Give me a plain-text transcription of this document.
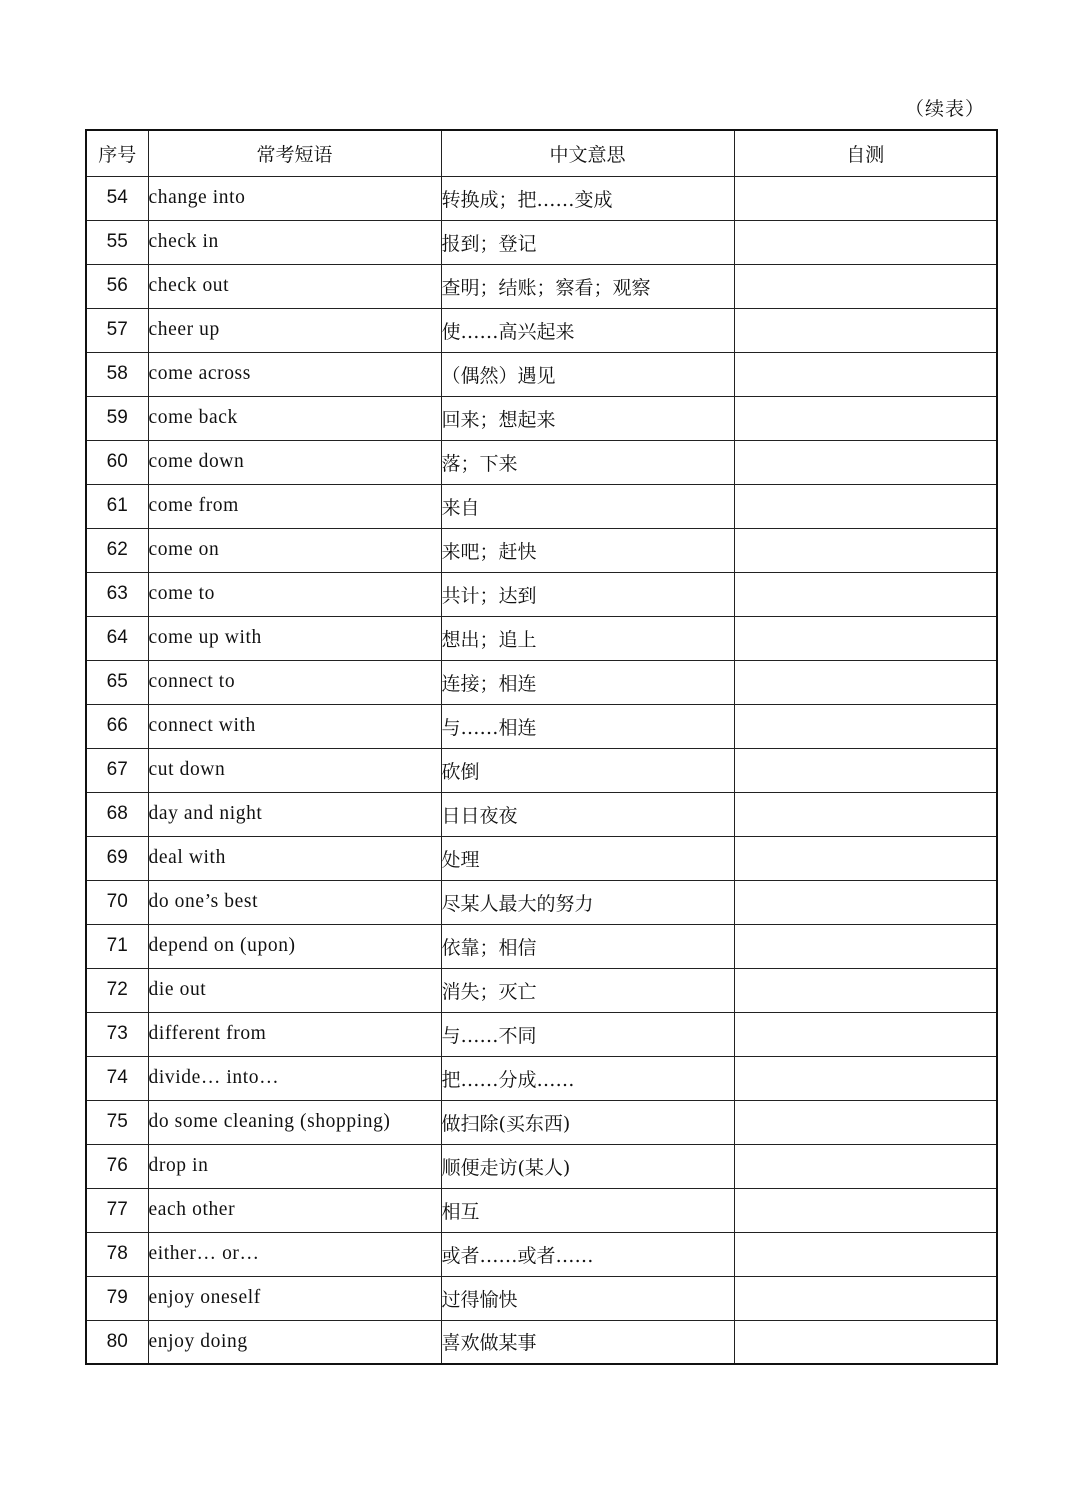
（续表）
序号	常考短语	中文意思	自测
54	change into	转换成；把……变成	
55	check in	报到；登记	
56	check out	查明；结账；察看；观察	
57	cheer up	使……高兴起来	
58	come across	（偶然）遇见	
59	come back	回来；想起来	
60	come down	落；下来	
61	come from	来自	
62	come on	来吧；赶快	
63	come to	共计；达到	
64	come up with	想出；追上	
65	connect to	连接；相连	
66	connect with	与……相连	
67	cut down	砍倒	
68	day and night	日日夜夜	
69	deal with	处理	
70	do one’s best	尽某人最大的努力	
71	depend on (upon)	依靠；相信	
72	die out	消失；灭亡	
73	different from	与……不同	
74	divide… into…	把……分成……	
75	do some cleaning (shopping)	做扫除(买东西)	
76	drop in	顺便走访(某人)	
77	each other	相互	
78	either… or…	或者……或者……	
79	enjoy oneself	过得愉快	
80	enjoy doing	喜欢做某事	
